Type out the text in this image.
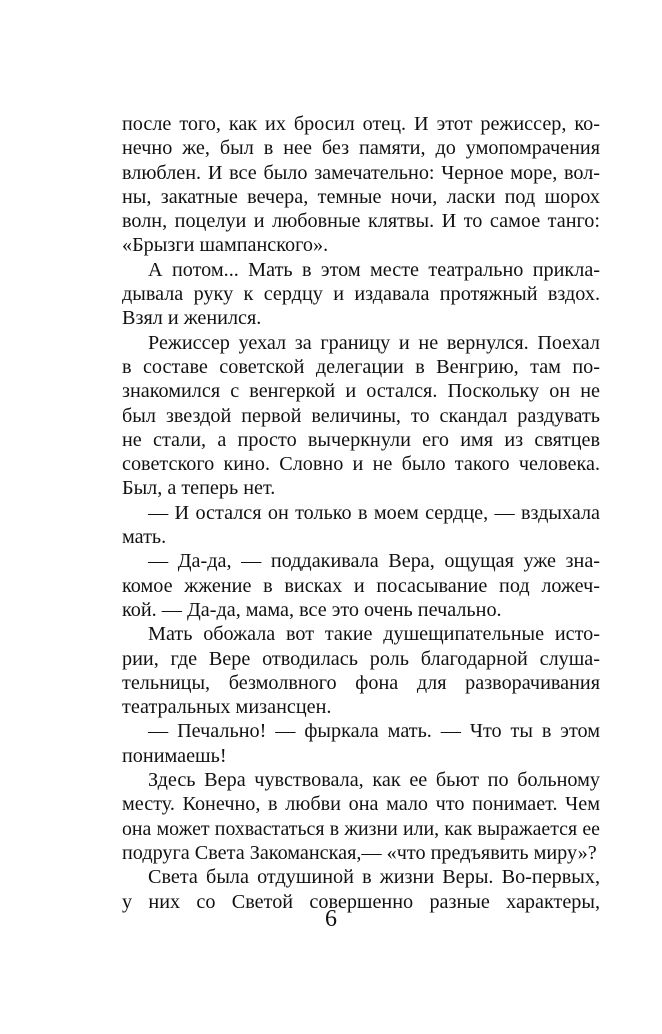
после того, как их бросил отец. И этот режиссер, ко-
нечно же, был в нее без памяти, до умопомрачения
влюблен. И все было замечательно: Черное море, вол-
ны, закатные вечера, темные ночи, ласки под шорох
волн, поцелуи и любовные клятвы. И то самое танго:
«Брызги шампанского».
А потом... Мать в этом месте театрально прикла-
дывала руку к сердцу и издавала протяжный вздох.
Взял и женился.
Режиссер уехал за границу и не вернулся. Поехал
в составе советской делегации в Венгрию, там по-
знакомился с венгеркой и остался. Поскольку он не
был звездой первой величины, то скандал раздувать
не стали, а просто вычеркнули его имя из святцев
советского кино. Словно и не было такого человека.
Был, а теперь нет.
— И остался он только в моем сердце, — вздыхала
мать.
— Да-да, — поддакивала Вера, ощущая уже зна-
комое жжение в висках и посасывание под ложеч-
кой. — Да-да, мама, все это очень печально.
Мать обожала вот такие душещипательные исто-
рии, где Вере отводилась роль благодарной слуша-
тельницы, безмолвного фона для разворачивания
театральных мизансцен.
— Печально! — фыркала мать. — Что ты в этом
понимаешь!
Здесь Вера чувствовала, как ее бьют по больному
месту. Конечно, в любви она мало что понимает. Чем
она может похвастаться в жизни или, как выражается ее
подруга Света Закоманская,— «что предъявить миру»?
Света была отдушиной в жизни Веры. Во-первых,
у них со Светой совершенно разные характеры,
6
